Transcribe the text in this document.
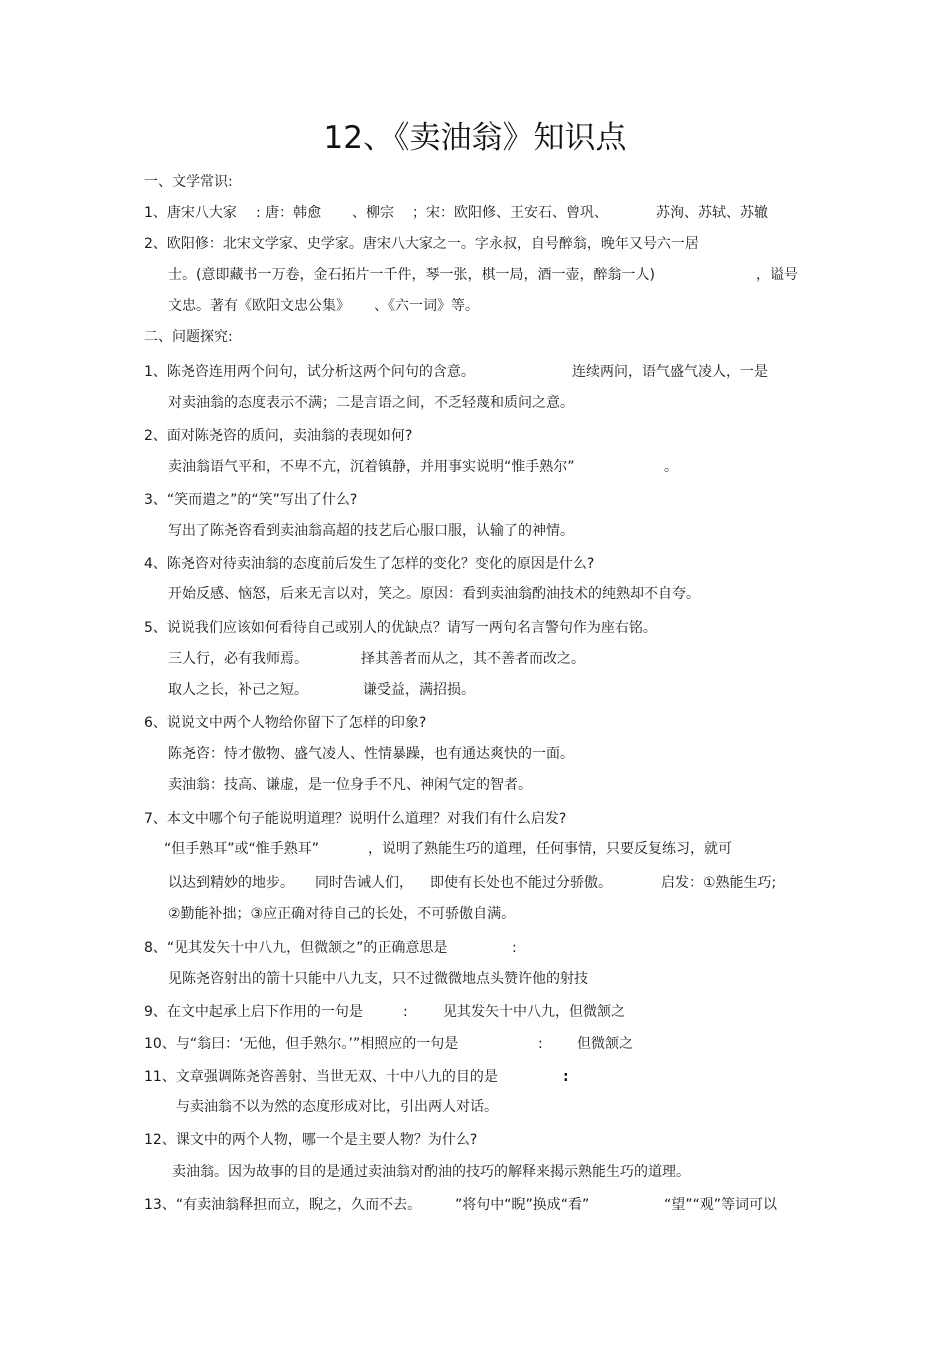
12、《卖油翁》知识点
一、文学常识:
1、唐宋八大家 : 唐：韩愈 、柳宗 ；宋：欧阳修、王安石、曾巩、	苏洵、苏轼、苏辙
2、欧阳修：北宋文学家、史学家。唐宋八大家之一。字永叔，自号醉翁，晚年又号六一居
士。(意即藏书一万卷，金石拓片一千件，琴一张，棋一局，酒一壶，醉翁一人)	，谥号
文忠。著有《欧阳文忠公集》 、《六一词》等。
二、问题探究:
1、陈尧咨连用两个问句，试分析这两个问句的含意。	连续两问，语气盛气凌人，一是
对卖油翁的态度表示不满；二是言语之间，不乏轻蔑和质问之意。
2、面对陈尧咨的质问，卖油翁的表现如何?
卖油翁语气平和，不卑不亢，沉着镇静，并用事实说明“惟手熟尔”	。
3、“笑而遣之”的“笑”写出了什么?
写出了陈尧咨看到卖油翁高超的技艺后心服口服，认输了的神情。
4、陈尧咨对待卖油翁的态度前后发生了怎样的变化？变化的原因是什么?
开始反感、恼怒，后来无言以对，笑之。原因：看到卖油翁酌油技术的纯熟却不自夸。
5、说说我们应该如何看待自己或别人的优缺点？请写一两句名言警句作为座右铭。
三人行，必有我师焉。	择其善者而从之，其不善者而改之。
取人之长，补己之短。	谦受益，满招损。
6、说说文中两个人物给你留下了怎样的印象?
陈尧咨：恃才傲物、盛气凌人、性情暴躁，也有通达爽快的一面。
卖油翁：技高、谦虚，是一位身手不凡、神闲气定的智者。
7、本文中哪个句子能说明道理？说明什么道理？对我们有什么启发?
“但手熟耳”或“惟手熟耳”	，说明了熟能生巧的道理，任何事情，只要反复练习，就可
以达到精妙的地步。 同时告诫人们， 即使有长处也不能过分骄傲。	启发：①熟能生巧;
②勤能补拙；③应正确对待自己的长处，不可骄傲自满。
8、“见其发矢十中八九，但微颔之”的正确意思是	:
见陈尧咨射出的箭十只能中八九支，只不过微微地点头赞许他的射技
9、在文中起承上启下作用的一句是	:	见其发矢十中八九，但微颔之
10、与“翁曰：‘无他，但手熟尔。’”相照应的一句是	: 但微颔之
11、文章强调陈尧咨善射、当世无双、十中八九的目的是	:
与卖油翁不以为然的态度形成对比，引出两人对话。
12、课文中的两个人物，哪一个是主要人物？为什么?
卖油翁。因为故事的目的是通过卖油翁对酌油的技巧的解释来揭示熟能生巧的道理。
13、“有卖油翁释担而立，睨之，久而不去。 ”将句中“睨”换成“看”	“望”“观”等词可以
